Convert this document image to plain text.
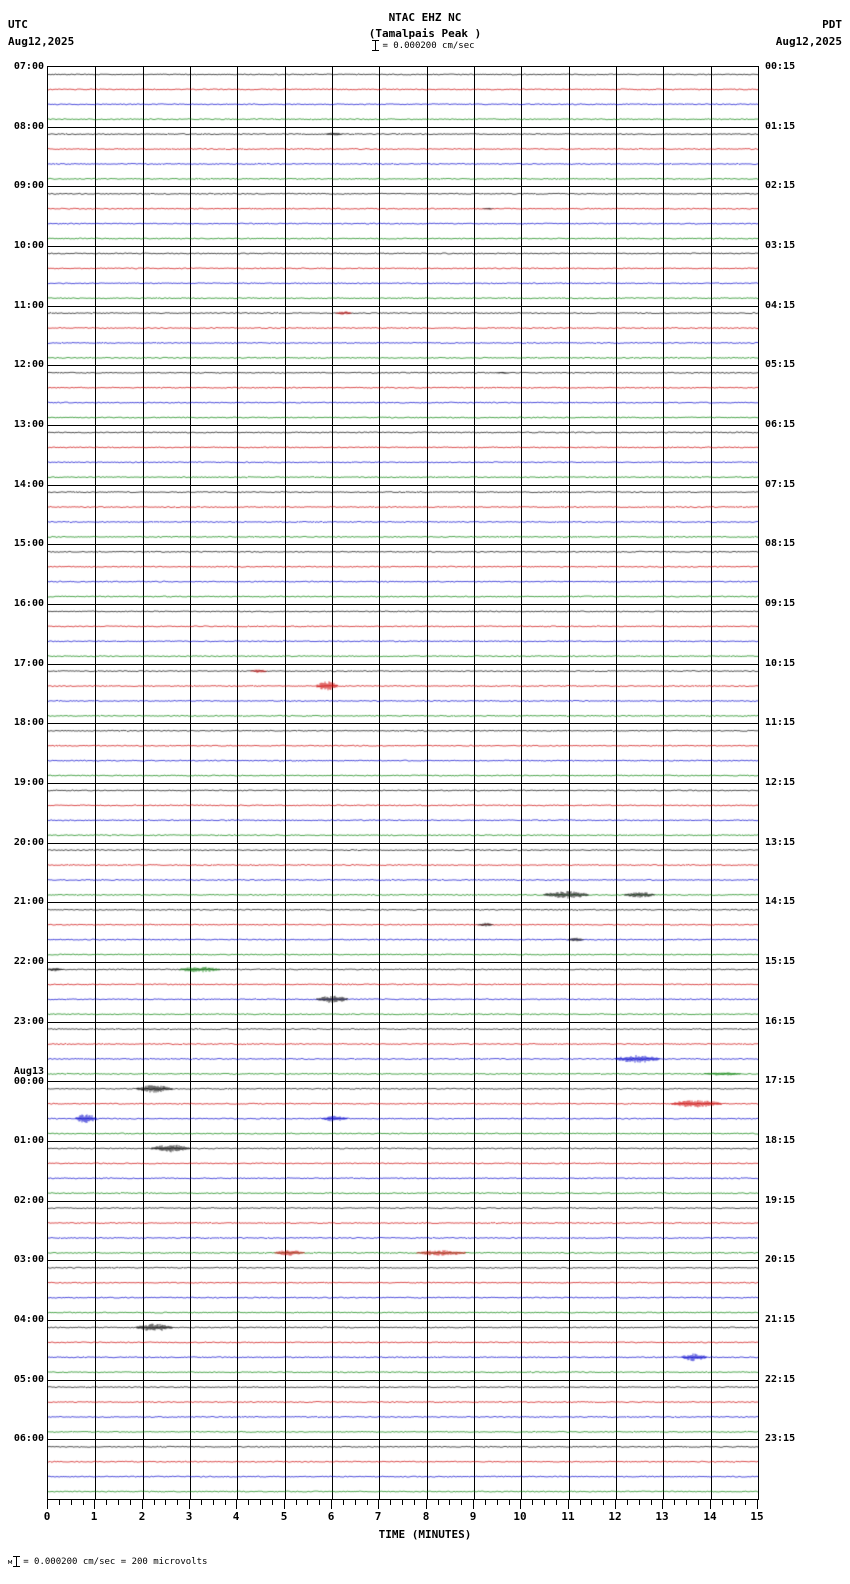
UTC
Aug12,2025
NTAC EHZ NC
(Tamalpais Peak )
PDT
Aug12,2025
= 0.000200 cm/sec
07:00	00:15
08:00	01:15
09:00	02:15
10:00	03:15
11:00	04:15
12:00	05:15
13:00	06:15
14:00	07:15
15:00	08:15
16:00	09:15
17:00	10:15
18:00	11:15
19:00	12:15
20:00	13:15
21:00	14:15
22:00	15:15
23:00	16:15
Aug13
00:00	17:15
01:00	18:15
02:00	19:15
03:00	20:15
04:00	21:15
05:00	22:15
06:00	23:15
0	1	2	3	4	5	6	7	8	9	10	11	12	13	14	15
TIME (MINUTES)
м = 0.000200 cm/sec = 200 microvolts
